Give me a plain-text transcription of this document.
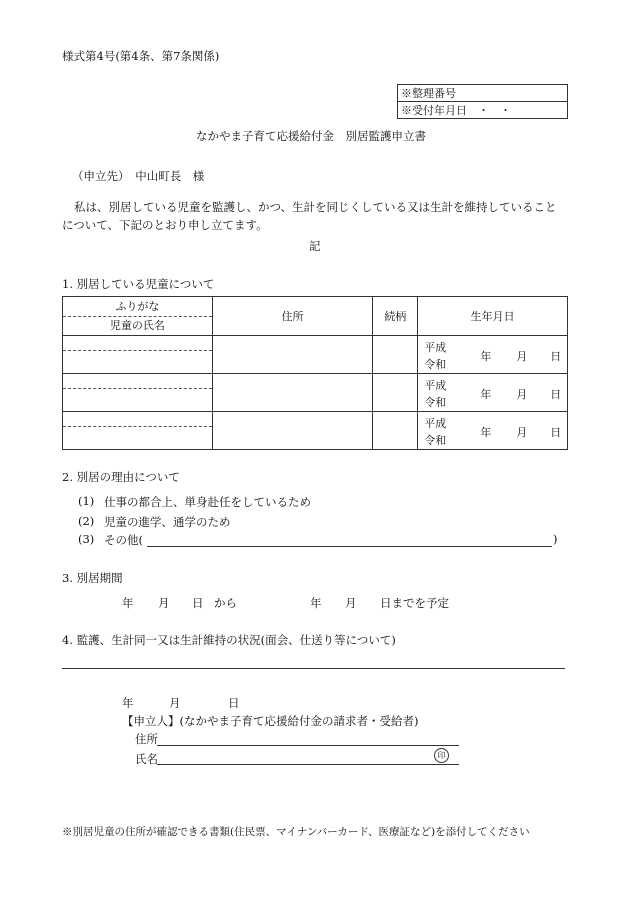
様式第4号(第4条、第7条関係)
※整理番号
※受付年月日　・　・
なかやま子育て応援給付金　別居監護申立書
（申立先）　中山町長　様
私は、別居している児童を監護し、かつ、生計を同じくしている又は生計を維持していることについて、下記のとおり申し立てます。
記
1. 別居している児童について
ふりがな
児童の氏名	住所	続柄	生年月日

			平成
令和
年 月 日

			平成
令和
年 月 日

			平成
令和
年 月 日
2. 別居の理由について
(1) 仕事の都合上、単身赴任をしているため
(2) 児童の進学、通学のため
(3) その他(	)
3. 別居期間
年 月 日 から	年 月 日までを予定
4. 監護、生計同一又は生計維持の状況(面会、仕送り等について)
年	月	日
【申立人】(なかやま子育て応援給付金の請求者・受給者)
住所
氏名	印
※別居児童の住所が確認できる書類(住民票、マイナンバーカード、医療証など)を添付してください
